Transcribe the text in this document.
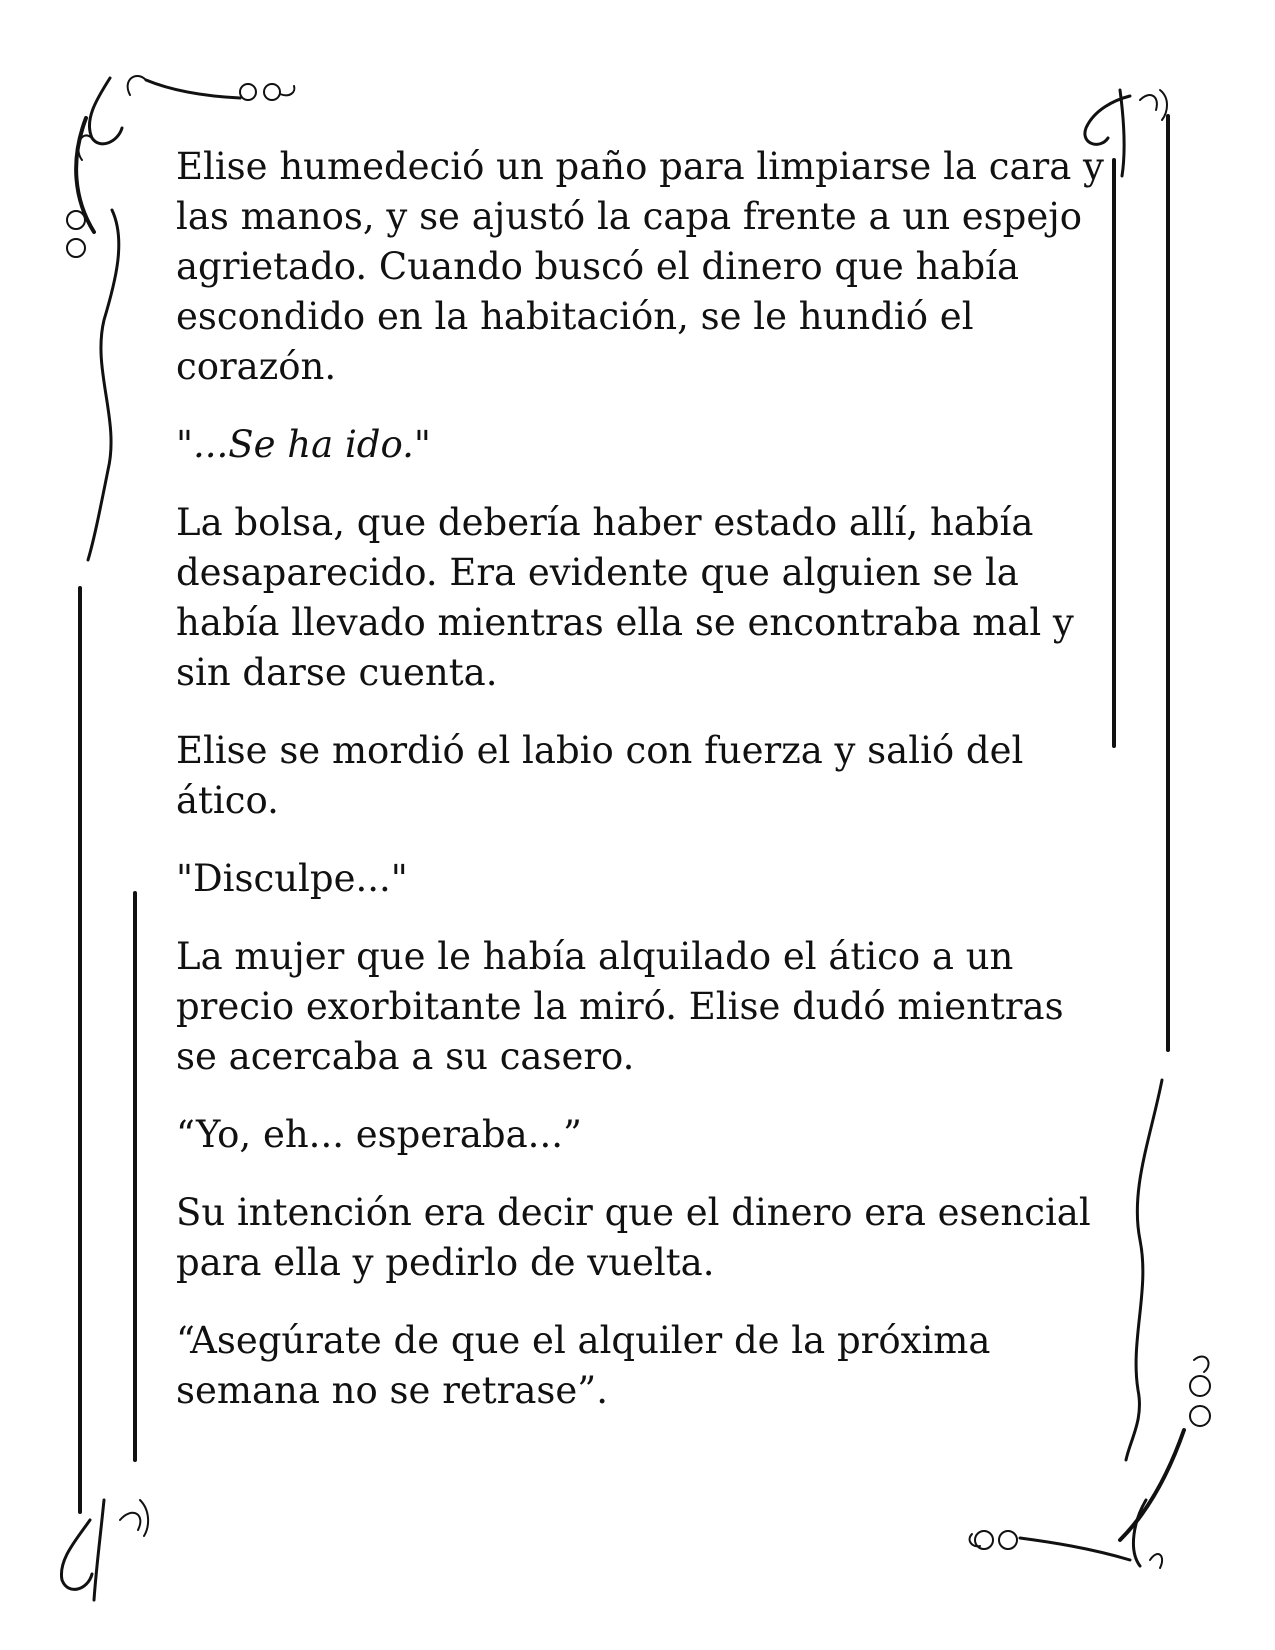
Elise humedeció un paño para limpiarse la cara y las manos, y se ajustó la capa frente a un espejo agrietado. Cuando buscó el dinero que había escondido en la habitación, se le hundió el corazón.

"...Se ha ido."

La bolsa, que debería haber estado allí, había desaparecido. Era evidente que alguien se la había llevado mientras ella se encontraba mal y sin darse cuenta.

Elise se mordió el labio con fuerza y salió del ático.

"Disculpe..."

La mujer que le había alquilado el ático a un precio exorbitante la miró. Elise dudó mientras se acercaba a su casero.

“Yo, eh... esperaba...”

Su intención era decir que el dinero era esencial para ella y pedirlo de vuelta.

“Asegúrate de que el alquiler de la próxima semana no se retrase”.
